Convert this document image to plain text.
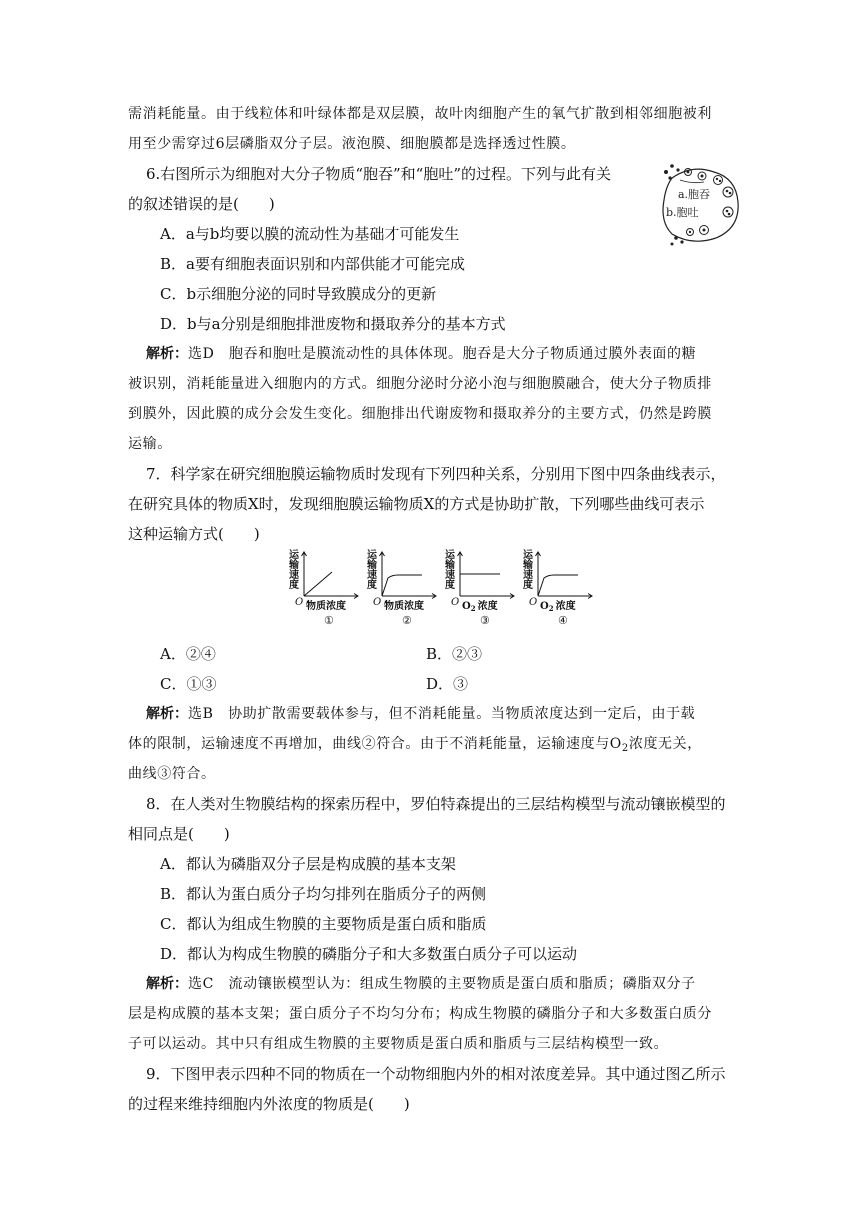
需消耗能量。由于线粒体和叶绿体都是双层膜，故叶肉细胞产生的氧气扩散到相邻细胞被利
用至少需穿过6层磷脂双分子层。液泡膜、细胞膜都是选择透过性膜。
6.右图所示为细胞对大分子物质“胞吞”和“胞吐”的过程。下列与此有关
的叙述错误的是(　　)
a.胞吞
b.胞吐
A．a与b均要以膜的流动性为基础才可能发生
B．a要有细胞表面识别和内部供能才可能完成
C．b示细胞分泌的同时导致膜成分的更新
D．b与a分别是细胞排泄废物和摄取养分的基本方式
解析：选D　胞吞和胞吐是膜流动性的具体体现。胞吞是大分子物质通过膜外表面的糖
被识别，消耗能量进入细胞内的方式。细胞分泌时分泌小泡与细胞膜融合，使大分子物质排
到膜外，因此膜的成分会发生变化。细胞排出代谢废物和摄取养分的主要方式，仍然是跨膜
运输。
7．科学家在研究细胞膜运输物质时发现有下列四种关系，分别用下图中四条曲线表示，
在研究具体的物质X时，发现细胞膜运输物质X的方式是协助扩散，下列哪些曲线可表示
这种运输方式(　　)
运
输
速
度
O 物质浓度
①
运
输
速
度
O 物质浓度
②
运
输
速
度
O $O_2$ 浓度
③
运
输
速
度
O $O_2$ 浓度
④
A．②④	B．②③
C．①③	D．③
解析：选B　协助扩散需要载体参与，但不消耗能量。当物质浓度达到一定后，由于载
体的限制，运输速度不再增加，曲线②符合。由于不消耗能量，运输速度与$O_2$浓度无关，
曲线③符合。
8．在人类对生物膜结构的探索历程中，罗伯特森提出的三层结构模型与流动镶嵌模型的
相同点是(　　)
A．都认为磷脂双分子层是构成膜的基本支架
B．都认为蛋白质分子均匀排列在脂质分子的两侧
C．都认为组成生物膜的主要物质是蛋白质和脂质
D．都认为构成生物膜的磷脂分子和大多数蛋白质分子可以运动
解析：选C　流动镶嵌模型认为：组成生物膜的主要物质是蛋白质和脂质；磷脂双分子
层是构成膜的基本支架；蛋白质分子不均匀分布；构成生物膜的磷脂分子和大多数蛋白质分
子可以运动。其中只有组成生物膜的主要物质是蛋白质和脂质与三层结构模型一致。
9．下图甲表示四种不同的物质在一个动物细胞内外的相对浓度差异。其中通过图乙所示
的过程来维持细胞内外浓度的物质是(　　)
